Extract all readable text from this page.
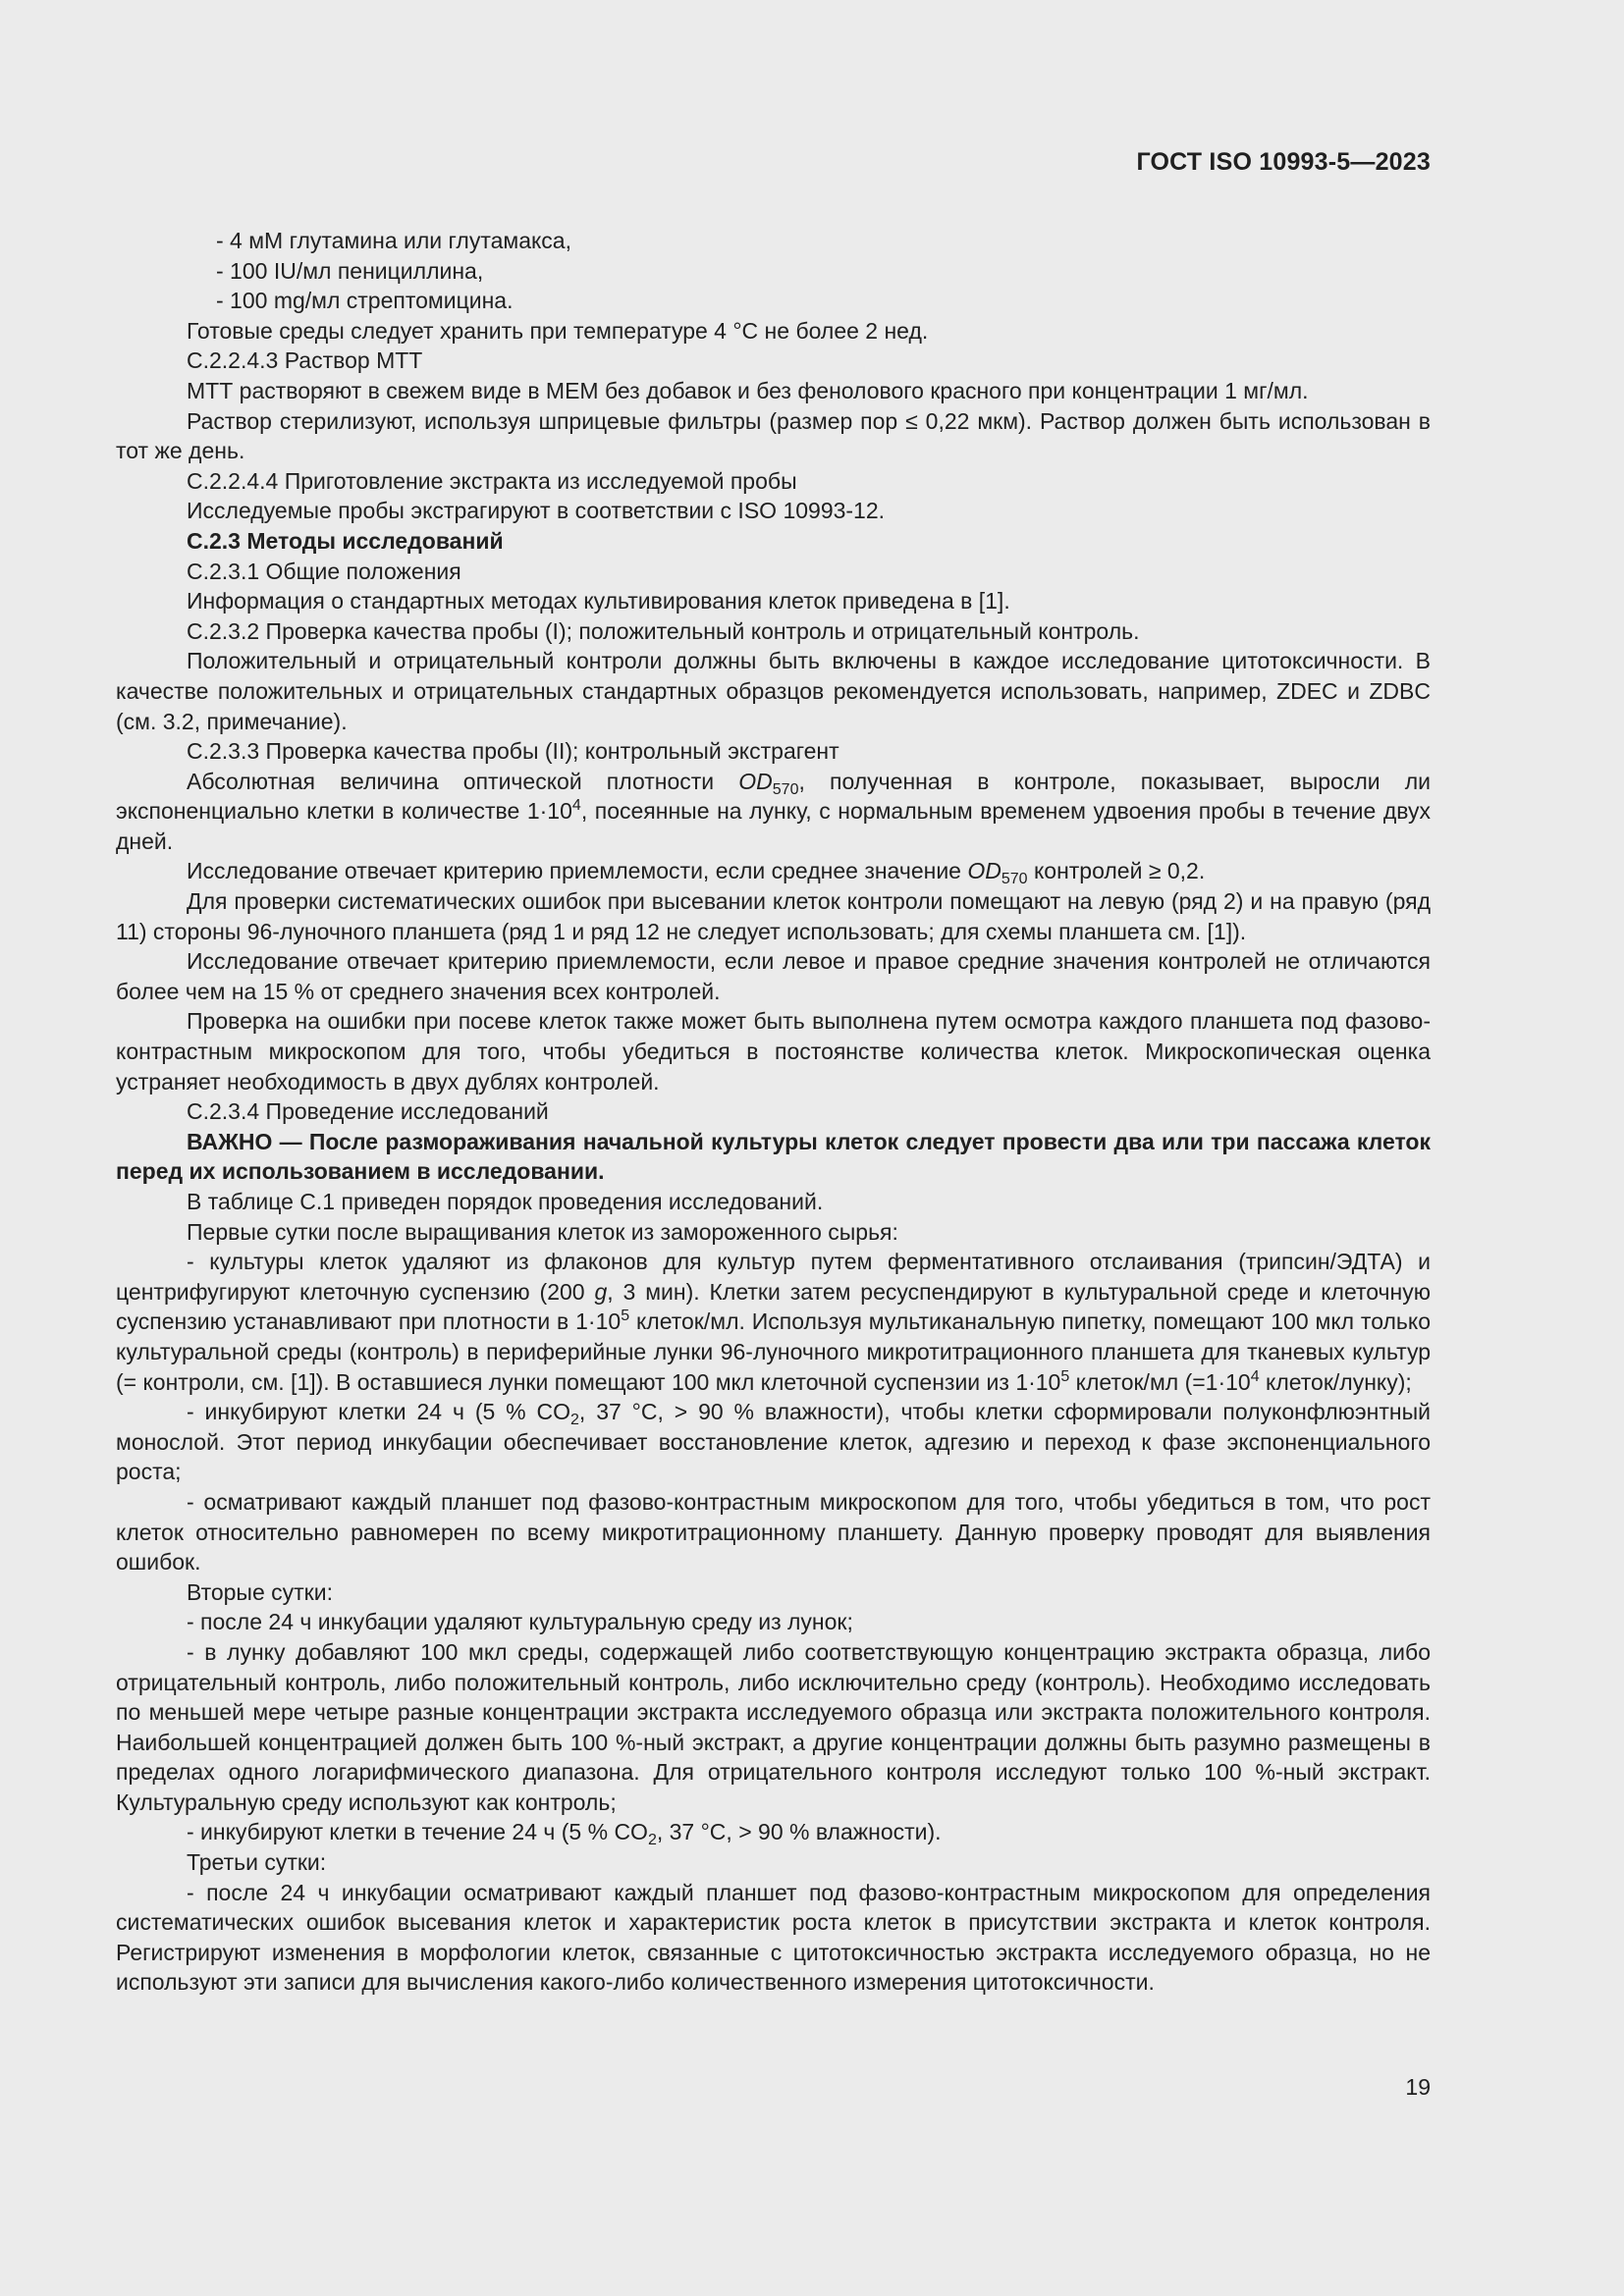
ГОСТ ISO 10993-5—2023

- 4 мМ глутамина или глутамакса,

- 100 IU/мл пенициллина,

- 100 mg/мл стрептомицина.

Готовые среды следует хранить при температуре 4 °С не более 2 нед.

С.2.2.4.3 Раствор МТТ

МТТ растворяют в свежем виде в МЕМ без добавок и без фенолового красного при концентрации 1 мг/мл.

Раствор стерилизуют, используя шприцевые фильтры (размер пор ≤ 0,22 мкм). Раствор должен быть использован в тот же день.

С.2.2.4.4 Приготовление экстракта из исследуемой пробы

Исследуемые пробы экстрагируют в соответствии с ISO 10993-12.

С.2.3 Методы исследований

С.2.3.1 Общие положения

Информация о стандартных методах культивирования клеток приведена в [1].

С.2.3.2 Проверка качества пробы (I); положительный контроль и отрицательный контроль.

Положительный и отрицательный контроли должны быть включены в каждое исследование цитотоксичности. В качестве положительных и отрицательных стандартных образцов рекомендуется использовать, например, ZDEC и ZDBC (см. 3.2, примечание).

С.2.3.3 Проверка качества пробы (II); контрольный экстрагент

Абсолютная величина оптической плотности $OD_{570}$, полученная в контроле, показывает, выросли ли экспоненциально клетки в количестве $1\cdot 10^4$, посеянные на лунку, с нормальным временем удвоения пробы в течение двух дней.

Исследование отвечает критерию приемлемости, если среднее значение $OD_{570}$ контролей ≥ 0,2.

Для проверки систематических ошибок при высевании клеток контроли помещают на левую (ряд 2) и на правую (ряд 11) стороны 96-луночного планшета (ряд 1 и ряд 12 не следует использовать; для схемы планшета см. [1]).

Исследование отвечает критерию приемлемости, если левое и правое средние значения контролей не отличаются более чем на 15 % от среднего значения всех контролей.

Проверка на ошибки при посеве клеток также может быть выполнена путем осмотра каждого планшета под фазово-контрастным микроскопом для того, чтобы убедиться в постоянстве количества клеток. Микроскопическая оценка устраняет необходимость в двух дублях контролей.

С.2.3.4 Проведение исследований

ВАЖНО — После размораживания начальной культуры клеток следует провести два или три пассажа клеток перед их использованием в исследовании.

В таблице С.1 приведен порядок проведения исследований.

Первые сутки после выращивания клеток из замороженного сырья:

- культуры клеток удаляют из флаконов для культур путем ферментативного отслаивания (трипсин/ЭДТА) и центрифугируют клеточную суспензию (200 g, 3 мин). Клетки затем ресуспендируют в культуральной среде и клеточную суспензию устанавливают при плотности в $1\cdot 10^5$ клеток/мл. Используя мультиканальную пипетку, помещают 100 мкл только культуральной среды (контроль) в периферийные лунки 96-луночного микротитрационного планшета для тканевых культур (= контроли, см. [1]). В оставшиеся лунки помещают 100 мкл клеточной суспензии из $1\cdot 10^5$ клеток/мл ($=1\cdot 10^4$ клеток/лунку);

- инкубируют клетки 24 ч (5 % $CO_2$, 37 °С, > 90 % влажности), чтобы клетки сформировали полуконфлюэнтный монослой. Этот период инкубации обеспечивает восстановление клеток, адгезию и переход к фазе экспоненциального роста;

- осматривают каждый планшет под фазово-контрастным микроскопом для того, чтобы убедиться в том, что рост клеток относительно равномерен по всему микротитрационному планшету. Данную проверку проводят для выявления ошибок.

Вторые сутки:

- после 24 ч инкубации удаляют культуральную среду из лунок;

- в лунку добавляют 100 мкл среды, содержащей либо соответствующую концентрацию экстракта образца, либо отрицательный контроль, либо положительный контроль, либо исключительно среду (контроль). Необходимо исследовать по меньшей мере четыре разные концентрации экстракта исследуемого образца или экстракта положительного контроля. Наибольшей концентрацией должен быть 100 %-ный экстракт, а другие концентрации должны быть разумно размещены в пределах одного логарифмического диапазона. Для отрицательного контроля исследуют только 100 %-ный экстракт. Культуральную среду используют как контроль;

- инкубируют клетки в течение 24 ч (5 % $CO_2$, 37 °С, > 90 % влажности).

Третьи сутки:

- после 24 ч инкубации осматривают каждый планшет под фазово-контрастным микроскопом для определения систематических ошибок высевания клеток и характеристик роста клеток в присутствии экстракта и клеток контроля. Регистрируют изменения в морфологии клеток, связанные с цитотоксичностью экстракта исследуемого образца, но не используют эти записи для вычисления какого-либо количественного измерения цитотоксичности.

19
